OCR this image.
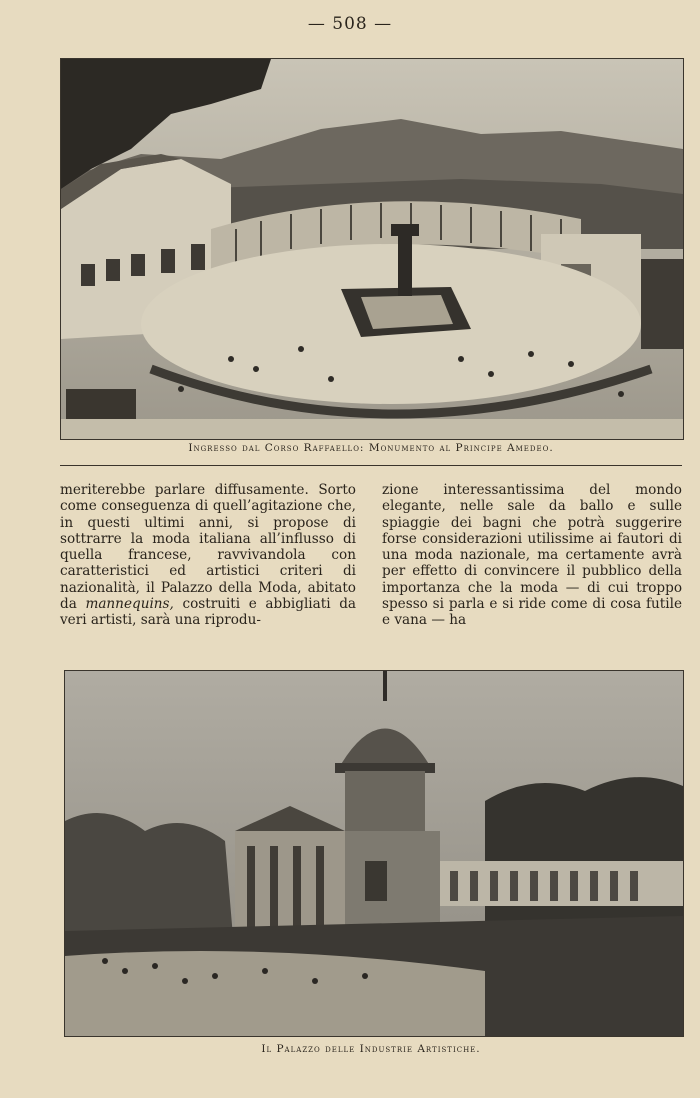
— 508 —
Ingresso dal Corso Raffaello: Monumento al Principe Amedeo.

meriterebbe parlare diffusamente. Sorto come conseguenza di quell’agitazione che, in questi ultimi anni, si propose di sottrarre la moda italiana all’influsso di quella francese, ravvivandola con caratteristici ed artistici criteri di nazionalità, il Palazzo della Moda, abitato da mannequins, costruiti e abbigliati da veri artisti, sarà una riprodu-

zione interessantissima del mondo elegante, nelle sale da ballo e sulle spiaggie dei bagni che potrà suggerire forse considerazioni utilissime ai fautori di una moda nazionale, ma certamente avrà per effetto di convincere il pubblico della importanza che la moda — di cui troppo spesso si parla e si ride come di cosa futile e vana — ha

Il Palazzo delle Industrie Artistiche.
